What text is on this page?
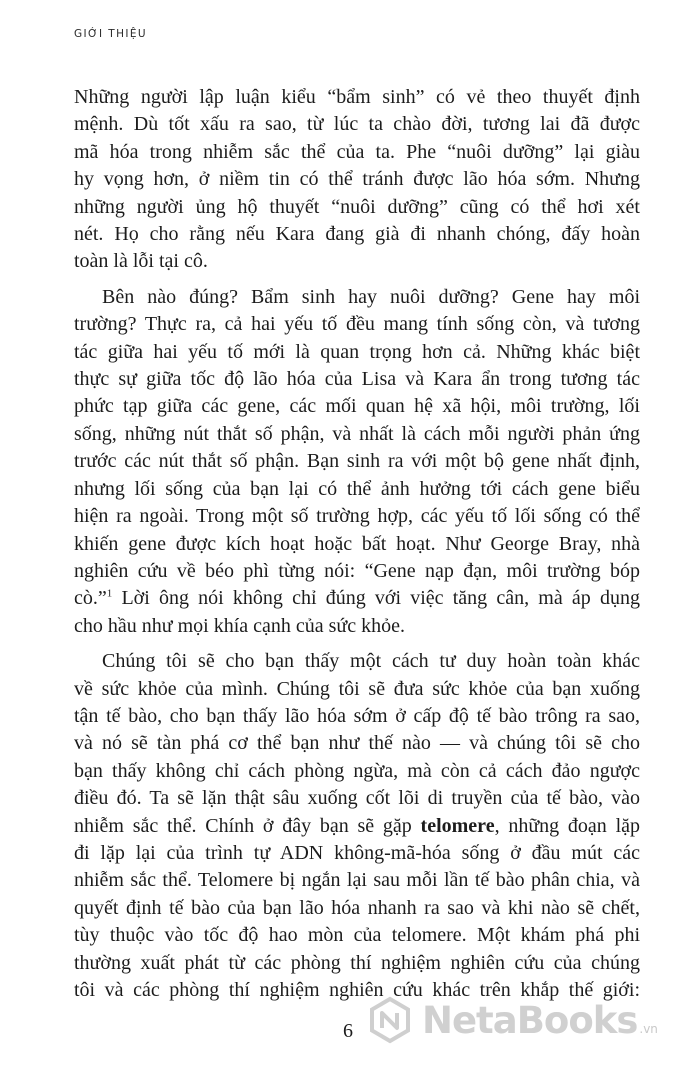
GIỚI THIỆU
Những người lập luận kiểu “bẩm sinh” có vẻ theo thuyết định
mệnh. Dù tốt xấu ra sao, từ lúc ta chào đời, tương lai đã được
mã hóa trong nhiễm sắc thể của ta. Phe “nuôi dưỡng” lại giàu
hy vọng hơn, ở niềm tin có thể tránh được lão hóa sớm. Nhưng
những người ủng hộ thuyết “nuôi dưỡng” cũng có thể hơi xét
nét. Họ cho rằng nếu Kara đang già đi nhanh chóng, đấy hoàn
toàn là lỗi tại cô.
Bên nào đúng? Bẩm sinh hay nuôi dưỡng? Gene hay môi
trường? Thực ra, cả hai yếu tố đều mang tính sống còn, và tương
tác giữa hai yếu tố mới là quan trọng hơn cả. Những khác biệt
thực sự giữa tốc độ lão hóa của Lisa và Kara ẩn trong tương tác
phức tạp giữa các gene, các mối quan hệ xã hội, môi trường, lối
sống, những nút thắt số phận, và nhất là cách mỗi người phản ứng
trước các nút thắt số phận. Bạn sinh ra với một bộ gene nhất định,
nhưng lối sống của bạn lại có thể ảnh hưởng tới cách gene biểu
hiện ra ngoài. Trong một số trường hợp, các yếu tố lối sống có thể
khiến gene được kích hoạt hoặc bất hoạt. Như George Bray, nhà
nghiên cứu về béo phì từng nói: “Gene nạp đạn, môi trường bóp
cò.”$^1$ Lời ông nói không chỉ đúng với việc tăng cân, mà áp dụng
cho hầu như mọi khía cạnh của sức khỏe.
Chúng tôi sẽ cho bạn thấy một cách tư duy hoàn toàn khác
về sức khỏe của mình. Chúng tôi sẽ đưa sức khỏe của bạn xuống
tận tế bào, cho bạn thấy lão hóa sớm ở cấp độ tế bào trông ra sao,
và nó sẽ tàn phá cơ thể bạn như thế nào — và chúng tôi sẽ cho
bạn thấy không chỉ cách phòng ngừa, mà còn cả cách đảo ngược
điều đó. Ta sẽ lặn thật sâu xuống cốt lõi di truyền của tế bào, vào
nhiễm sắc thể. Chính ở đây bạn sẽ gặp telomere, những đoạn lặp
đi lặp lại của trình tự ADN không-mã-hóa sống ở đầu mút các
nhiễm sắc thể. Telomere bị ngắn lại sau mỗi lần tế bào phân chia, và
quyết định tế bào của bạn lão hóa nhanh ra sao và khi nào sẽ chết,
tùy thuộc vào tốc độ hao mòn của telomere. Một khám phá phi
thường xuất phát từ các phòng thí nghiệm nghiên cứu của chúng
tôi và các phòng thí nghiệm nghiên cứu khác trên khắp thế giới:
6 NetaBooks .vn
